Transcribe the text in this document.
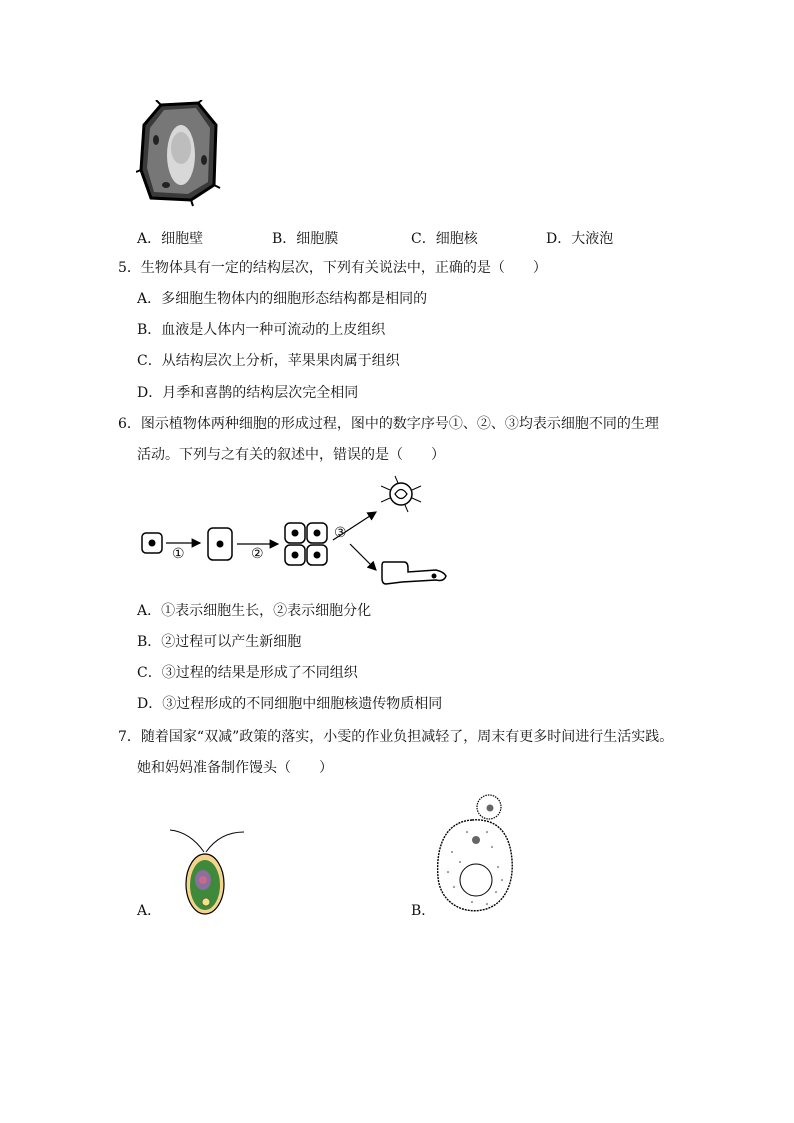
A．细胞壁	B．细胞膜	C．细胞核	D．大液泡
5．生物体具有一定的结构层次，下列有关说法中，正确的是（　　）
A．多细胞生物体内的细胞形态结构都是相同的
B．血液是人体内一种可流动的上皮组织
C．从结构层次上分析，苹果果肉属于组织
D．月季和喜鹊的结构层次完全相同
6．图示植物体两种细胞的形成过程，图中的数字序号①、②、③均表示细胞不同的生理
活动。下列与之有关的叙述中，错误的是（　　）
①	②
③
A．①表示细胞生长，②表示细胞分化
B．②过程可以产生新细胞
C．③过程的结果是形成了不同组织
D．③过程形成的不同细胞中细胞核遗传物质相同
7．随着国家“双减”政策的落实，小雯的作业负担减轻了，周末有更多时间进行生活实践。
她和妈妈准备制作馒头（　　）
A．	B．
